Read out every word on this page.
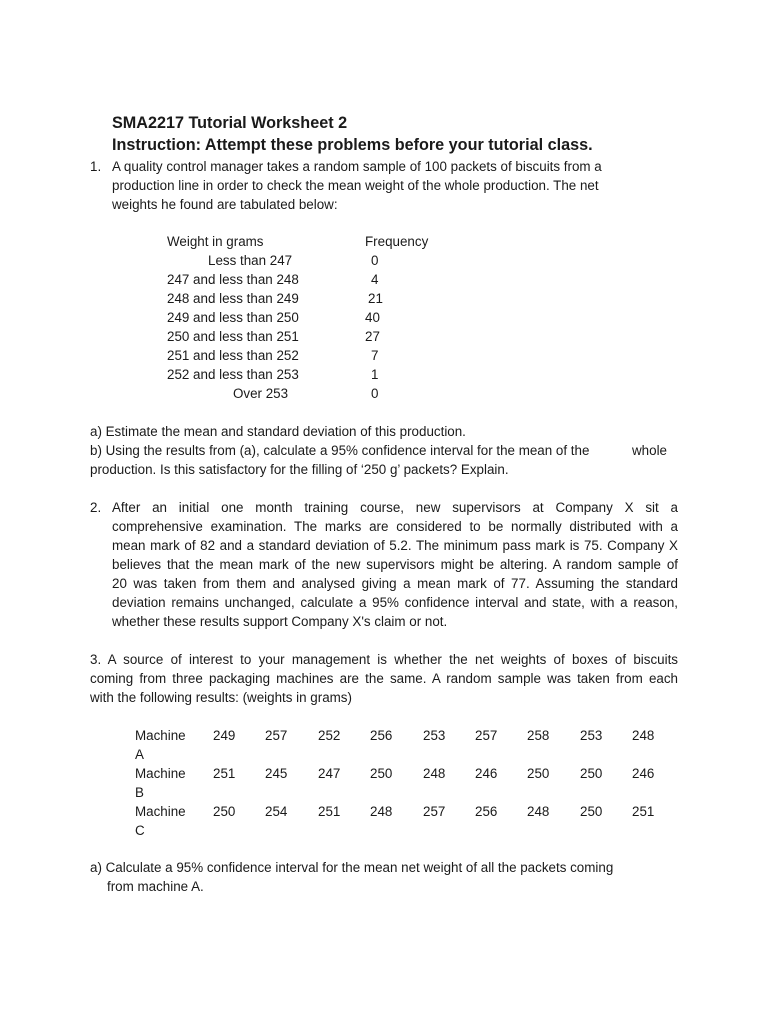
SMA2217 Tutorial Worksheet 2
Instruction: Attempt these problems before your tutorial class.
1. A quality control manager takes a random sample of 100 packets of biscuits from a
production line in order to check the mean weight of the whole production. The net
weights he found are tabulated below:
Weight in grams	Frequency
Less than 247	0
247 and less than 248	4
248 and less than 249	21
249 and less than 250	40
250 and less than 251	27
251 and less than 252	7
252 and less than 253	1
Over 253	0
a) Estimate the mean and standard deviation of this production.
b) Using the results from (a), calculate a 95% confidence interval for the mean of the	whole
production. Is this satisfactory for the filling of ‘250 g’ packets? Explain.
2. After an initial one month training course, new supervisors at Company X sit a
comprehensive examination. The marks are considered to be normally distributed with a
mean mark of 82 and a standard deviation of 5.2. The minimum pass mark is 75. Company X
believes that the mean mark of the new supervisors might be altering. A random sample of
20 was taken from them and analysed giving a mean mark of 77. Assuming the standard
deviation remains unchanged, calculate a 95% confidence interval and state, with a reason,
whether these results support Company X's claim or not.
3. A source of interest to your management is whether the net weights of boxes of biscuits
coming from three packaging machines are the same. A random sample was taken from each
with the following results: (weights in grams)
Machine A
249	257	252	256	253	257	258	253	248
Machine B
251	245	247	250	248	246	250	250	246
Machine C
250	254	251	248	257	256	248	250	251
a) Calculate a 95% confidence interval for the mean net weight of all the packets coming
from machine A.
